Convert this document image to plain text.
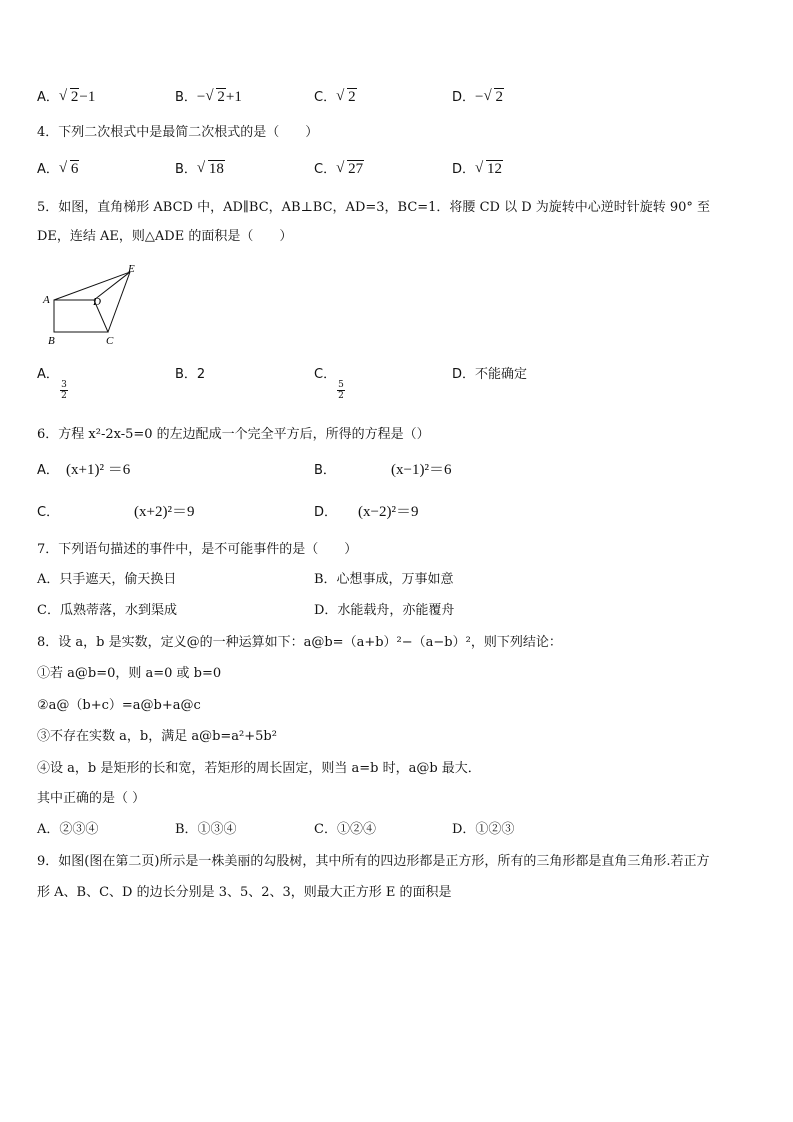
A． √ 2−1	B．− √ 2+1	C． √ 2	D．− √ 2
4．下列二次根式中是最简二次根式的是（　　）
A． √ 6	B． √ 18	C． √ 27	D． √ 12
5．如图，直角梯形 ABCD 中，AD∥BC，AB⊥BC，AD=3，BC=1．将腰 CD 以 D 为旋转中心逆时针旋转 90° 至
DE，连结 AE，则△ADE 的面积是（　　）
E
A	D
B	C
A．
$\frac{3}{2}$
B．2	C．
$\frac{5}{2}$
D．不能确定
6．方程 x²-2x-5=0 的左边配成一个完全平方后，所得的方程是（）
A． (x+1)² ＝6	B．	(x−1)²＝6
C．	(x+2)²＝9	D． (x−2)²＝9
7．下列语句描述的事件中，是不可能事件的是（　　）
A．只手遮天，偷天换日	B．心想事成，万事如意
C．瓜熟蒂落，水到渠成	D．水能载舟，亦能覆舟
8．设 a，b 是实数，定义@的一种运算如下：a@b=（a+b）²−（a−b）²，则下列结论：
①若 a@b=0，则 a=0 或 b=0
②a@（b+c）=a@b+a@c
③不存在实数 a，b，满足 a@b=a²+5b²
④设 a，b 是矩形的长和宽，若矩形的周长固定，则当 a=b 时，a@b 最大．
其中正确的是（ ）
A．②③④	B．①③④	C．①②④	D．①②③
9．如图(图在第二页)所示是一株美丽的勾股树，其中所有的四边形都是正方形，所有的三角形都是直角三角形.若正方
形 A、B、C、D 的边长分别是 3、5、2、3，则最大正方形 E 的面积是
